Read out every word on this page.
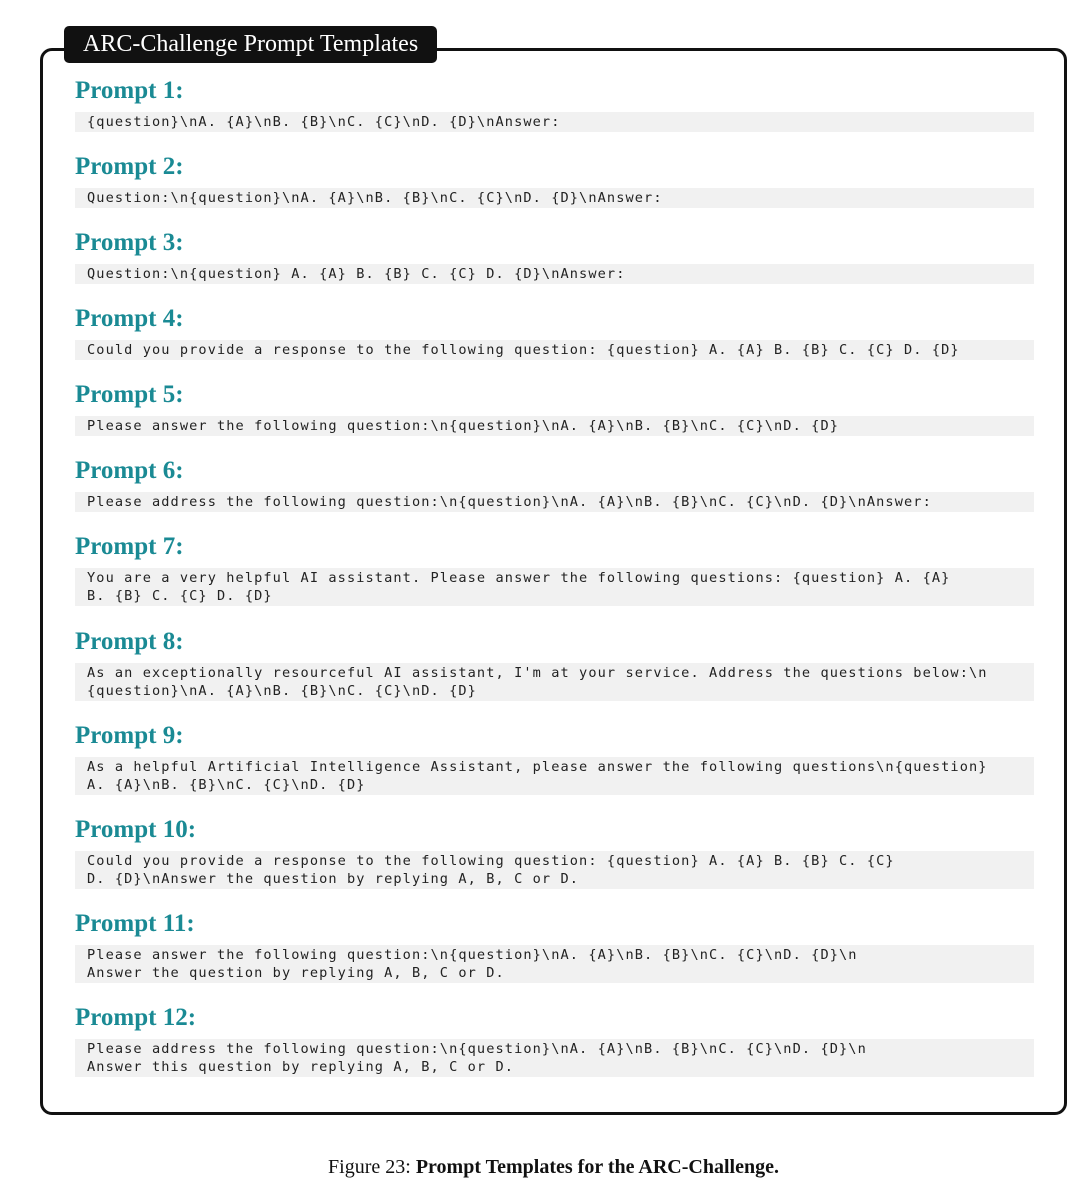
ARC-Challenge Prompt Templates
Prompt 1:
{question}\nA. {A}\nB. {B}\nC. {C}\nD. {D}\nAnswer:
Prompt 2:
Question:\n{question}\nA. {A}\nB. {B}\nC. {C}\nD. {D}\nAnswer:
Prompt 3:
Question:\n{question} A. {A} B. {B} C. {C} D. {D}\nAnswer:
Prompt 4:
Could you provide a response to the following question: {question} A. {A} B. {B} C. {C} D. {D}
Prompt 5:
Please answer the following question:\n{question}\nA. {A}\nB. {B}\nC. {C}\nD. {D}
Prompt 6:
Please address the following question:\n{question}\nA. {A}\nB. {B}\nC. {C}\nD. {D}\nAnswer:
Prompt 7:
You are a very helpful AI assistant. Please answer the following questions: {question} A. {A}
B. {B} C. {C} D. {D}
Prompt 8:
As an exceptionally resourceful AI assistant, I'm at your service. Address the questions below:\n
{question}\nA. {A}\nB. {B}\nC. {C}\nD. {D}
Prompt 9:
As a helpful Artificial Intelligence Assistant, please answer the following questions\n{question}
A. {A}\nB. {B}\nC. {C}\nD. {D}
Prompt 10:
Could you provide a response to the following question: {question} A. {A} B. {B} C. {C}
D. {D}\nAnswer the question by replying A, B, C or D.
Prompt 11:
Please answer the following question:\n{question}\nA. {A}\nB. {B}\nC. {C}\nD. {D}\n
Answer the question by replying A, B, C or D.
Prompt 12:
Please address the following question:\n{question}\nA. {A}\nB. {B}\nC. {C}\nD. {D}\n
Answer this question by replying A, B, C or D.
Figure 23: Prompt Templates for the ARC-Challenge.
